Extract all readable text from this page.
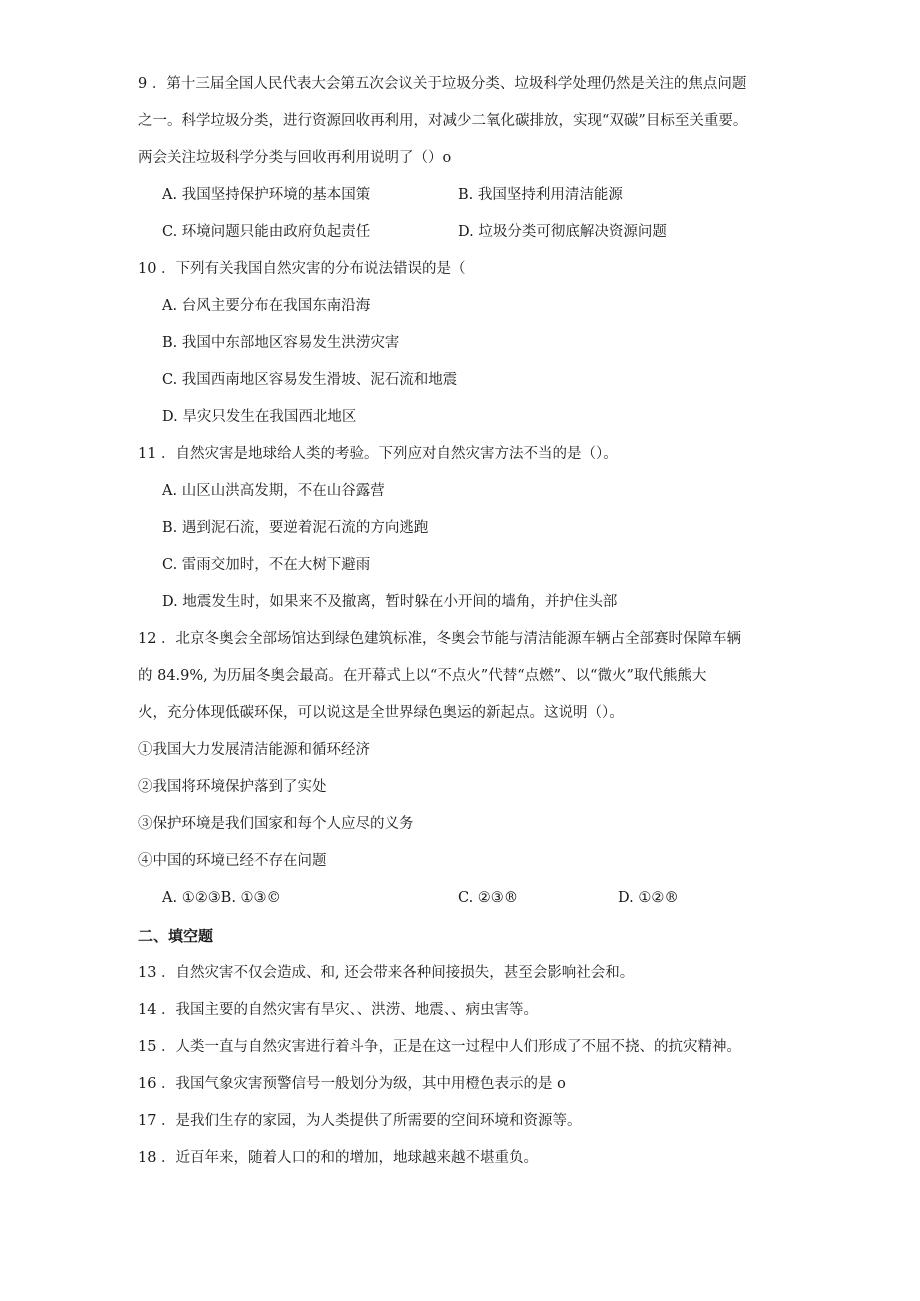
9 ．第十三届全国人民代表大会第五次会议关于垃圾分类、垃圾科学处理仍然是关注的焦点问题
之一。科学垃圾分类，进行资源回收再利用，对减少二氧化碳排放，实现“双碳”目标至关重要。
两会关注垃圾科学分类与回收再利用说明了（）o
A. 我国坚持保护环境的基本国策	B. 我国坚持利用清洁能源
C. 环境问题只能由政府负起责任	D. 垃圾分类可彻底解决资源问题
10 ．下列有关我国自然灾害的分布说法错误的是（
A. 台风主要分布在我国东南沿海
B. 我国中东部地区容易发生洪涝灾害
C. 我国西南地区容易发生滑坡、泥石流和地震
D. 旱灾只发生在我国西北地区
11 ．自然灾害是地球给人类的考验。下列应对自然灾害方法不当的是（）。
A. 山区山洪高发期，不在山谷露营
B. 遇到泥石流，要逆着泥石流的方向逃跑
C. 雷雨交加时，不在大树下避雨
D. 地震发生时，如果来不及撤离，暂时躲在小开间的墙角，并护住头部
12 ．北京冬奥会全部场馆达到绿色建筑标准，冬奥会节能与清洁能源车辆占全部赛时保障车辆
的 84.9%, 为历届冬奥会最高。在开幕式上以“不点火”代替“点燃”、以“微火”取代熊熊大
火，充分体现低碳环保，可以说这是全世界绿色奥运的新起点。这说明（）。
①我国大力发展清洁能源和循环经济
②我国将环境保护落到了实处
③保护环境是我们国家和每个人应尽的义务
④中国的环境已经不存在问题
A. ①②③B. ①③©	C. ②③®	D. ①②®
二、填空题
13 ．自然灾害不仅会造成、和, 还会带来各种间接损失，甚至会影响社会和。
14 ．我国主要的自然灾害有旱灾、、洪涝、地震、、病虫害等。
15 ．人类一直与自然灾害进行着斗争，正是在这一过程中人们形成了不屈不挠、的抗灾精神。
16 ．我国气象灾害预警信号一般划分为级，其中用橙色表示的是 o
17 ．是我们生存的家园，为人类提供了所需要的空间环境和资源等。
18 ．近百年来，随着人口的和的增加，地球越来越不堪重负。
